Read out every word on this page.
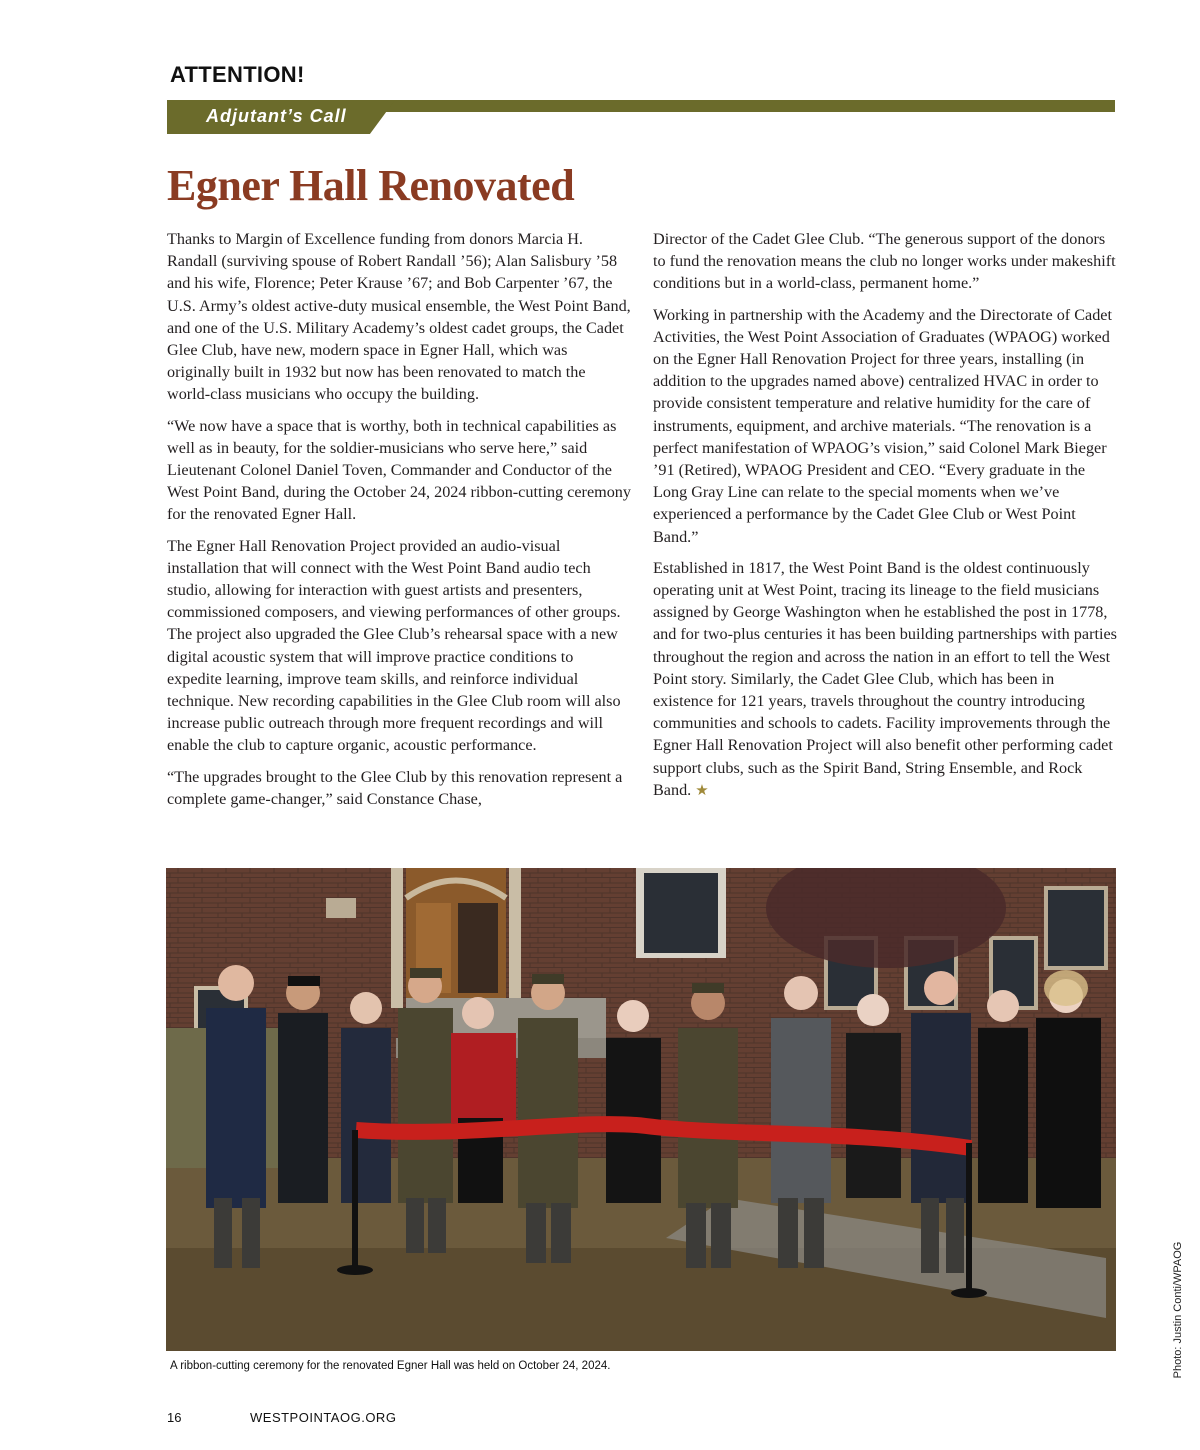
ATTENTION!
Adjutant’s Call
Egner Hall Renovated

Thanks to Margin of Excellence funding from donors Marcia H. Randall (surviving spouse of Robert Randall ’56); Alan Salisbury ’58 and his wife, Florence; Peter Krause ’67; and Bob Carpenter ’67, the U.S. Army’s oldest active-duty musical ensemble, the West Point Band, and one of the U.S. Military Academy’s oldest cadet groups, the Cadet Glee Club, have new, modern space in Egner Hall, which was originally built in 1932 but now has been renovated to match the world-class musicians who occupy the building.

“We now have a space that is worthy, both in technical capabilities as well as in beauty, for the soldier-musicians who serve here,” said Lieutenant Colonel Daniel Toven, Commander and Conductor of the West Point Band, during the October 24, 2024 ribbon-cutting ceremony for the renovated Egner Hall.

The Egner Hall Renovation Project provided an audio-visual installation that will connect with the West Point Band audio tech studio, allowing for interaction with guest artists and presenters, commissioned composers, and viewing performances of other groups. The project also upgraded the Glee Club’s rehearsal space with a new digital acoustic system that will improve practice conditions to expedite learning, improve team skills, and reinforce individual technique. New recording capabilities in the Glee Club room will also increase public outreach through more frequent recordings and will enable the club to capture organic, acoustic performance.

“The upgrades brought to the Glee Club by this renovation represent a complete game-changer,” said Constance Chase,

Director of the Cadet Glee Club. “The generous support of the donors to fund the renovation means the club no longer works under makeshift conditions but in a world-class, permanent home.”

Working in partnership with the Academy and the Directorate of Cadet Activities, the West Point Association of Graduates (WPAOG) worked on the Egner Hall Renovation Project for three years, installing (in addition to the upgrades named above) centralized HVAC in order to provide consistent temperature and relative humidity for the care of instruments, equipment, and archive materials. “The renovation is a perfect manifestation of WPAOG’s vision,” said Colonel Mark Bieger ’91 (Retired), WPAOG President and CEO. “Every graduate in the Long Gray Line can relate to the special moments when we’ve experienced a performance by the Cadet Glee Club or West Point Band.”

Established in 1817, the West Point Band is the oldest continuously operating unit at West Point, tracing its lineage to the field musicians assigned by George Washington when he established the post in 1778, and for two-plus centuries it has been building partnerships with parties throughout the region and across the nation in an effort to tell the West Point story. Similarly, the Cadet Glee Club, which has been in existence for 121 years, travels throughout the country introducing communities and schools to cadets. Facility improvements through the Egner Hall Renovation Project will also benefit other performing cadet support clubs, such as the Spirit Band, String Ensemble, and Rock Band. ★

Photo: Justin Conti/WPAOG
A ribbon-cutting ceremony for the renovated Egner Hall was held on October 24, 2024.
16	WESTPOINTAOG.ORG
